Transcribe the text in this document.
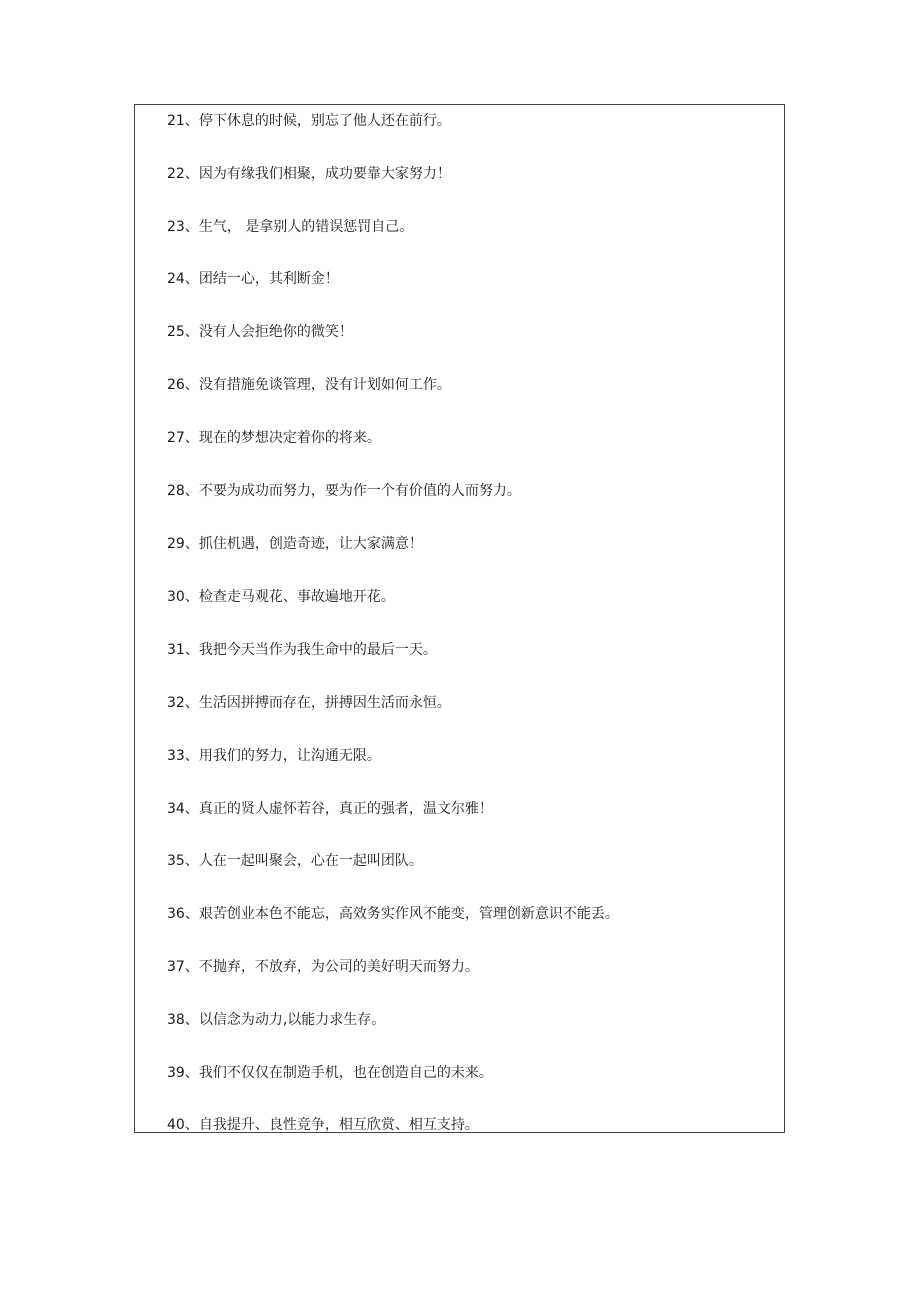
21、停下休息的时候，别忘了他人还在前行。
22、因为有缘我们相聚，成功要靠大家努力！
23、生气， 是拿别人的错误惩罚自己。
24、团结一心，其利断金！
25、没有人会拒绝你的微笑！
26、没有措施免谈管理，没有计划如何工作。
27、现在的梦想决定着你的将来。
28、不要为成功而努力，要为作一个有价值的人而努力。
29、抓住机遇，创造奇迹，让大家满意！
30、检查走马观花、事故遍地开花。
31、我把今天当作为我生命中的最后一天。
32、生活因拼搏而存在，拼搏因生活而永恒。
33、用我们的努力，让沟通无限。
34、真正的贤人虚怀若谷，真正的强者，温文尔雅！
35、人在一起叫聚会，心在一起叫团队。
36、艰苦创业本色不能忘，高效务实作风不能变，管理创新意识不能丢。
37、不抛弃，不放弃，为公司的美好明天而努力。
38、以信念为动力,以能力求生存。
39、我们不仅仅在制造手机，也在创造自己的未来。
40、自我提升、良性竞争，相互欣赏、相互支持。
